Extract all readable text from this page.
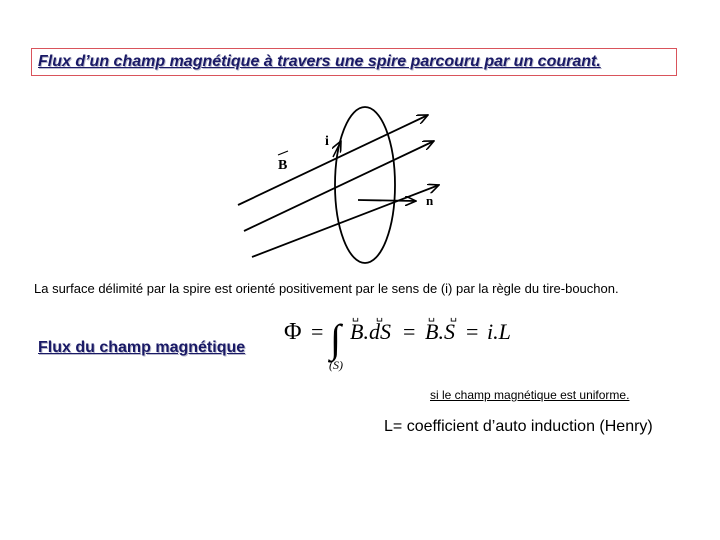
Flux d’un champ magnétique à travers une spire parcouru par un courant.
i
B
n
La surface délimité par la spire est orienté positivement par le sens de (i) par la règle du tire-bouchon.
Flux du champ magnétique
Φ = ∫
(S)
␣ ␣
B.dS =
␣ ␣
B.S = i.L
si le champ magnétique est uniforme.
L= coefficient d’auto induction (Henry)
